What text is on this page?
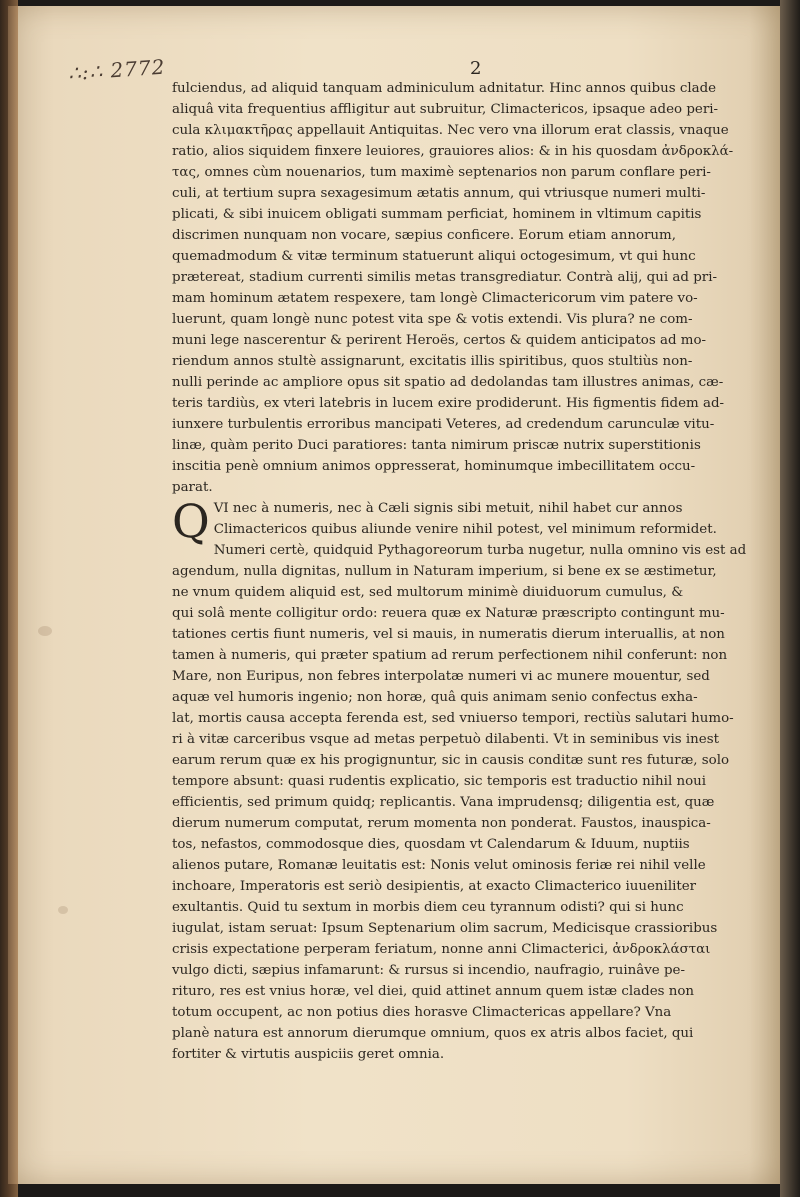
∴:∴ 2772	2
fulciendus, ad aliquid tanquam adminiculum adnitatur. Hinc annos quibus clade
aliquâ vita frequentius affligitur aut subruitur, Climactericos, ipsaque adeo peri-
cula κλιμακτῆρας appellauit Antiquitas. Nec vero vna illorum erat classis, vnaque
ratio, alios siquidem finxere leuiores, grauiores alios: & in his quosdam ἀνδροκλά-
τας, omnes cùm nouenarios, tum maximè septenarios non parum conflare peri-
culi, at tertium supra sexagesimum ætatis annum, qui vtriusque numeri multi-
plicati, & sibi inuicem obligati summam perficiat, hominem in vltimum capitis
discrimen nunquam non vocare, sæpius conficere. Eorum etiam annorum,
quemadmodum & vitæ terminum statuerunt aliqui octogesimum, vt qui hunc
prætereat, stadium currenti similis metas transgrediatur. Contrà alij, qui ad pri-
mam hominum ætatem respexere, tam longè Climactericorum vim patere vo-
luerunt, quam longè nunc potest vita spe & votis extendi. Vis plura? ne com-
muni lege nascerentur & perirent Heroës, certos & quidem anticipatos ad mo-
riendum annos stultè assignarunt, excitatis illis spiritibus, quos stultiùs non-
nulli perinde ac ampliore opus sit spatio ad dedolandas tam illustres animas, cæ-
teris tardiùs, ex vteri latebris in lucem exire prodiderunt. His figmentis fidem ad-
iunxere turbulentis erroribus mancipati Veteres, ad credendum carunculæ vitu-
linæ, quàm perito Duci paratiores: tanta nimirum priscæ nutrix superstitionis
inscitia penè omnium animos oppresserat, hominumque imbecillitatem occu-
parat.
Q VI nec à numeris, nec à Cæli signis sibi metuit, nihil habet cur annos
Climactericos quibus aliunde venire nihil potest, vel minimum reformidet.
Numeri certè, quidquid Pythagoreorum turba nugetur, nulla omnino vis est ad
agendum, nulla dignitas, nullum in Naturam imperium, si bene ex se æstimetur,
ne vnum quidem aliquid est, sed multorum minimè diuiduorum cumulus, &
qui solâ mente colligitur ordo: reuera quæ ex Naturæ præscripto contingunt mu-
tationes certis fiunt numeris, vel si mauis, in numeratis dierum interuallis, at non
tamen à numeris, qui præter spatium ad rerum perfectionem nihil conferunt: non
Mare, non Euripus, non febres interpolatæ numeri vi ac munere mouentur, sed
aquæ vel humoris ingenio; non horæ, quâ quis animam senio confectus exha-
lat, mortis causa accepta ferenda est, sed vniuerso tempori, rectiùs salutari humo-
ri à vitæ carceribus vsque ad metas perpetuò dilabenti. Vt in seminibus vis inest
earum rerum quæ ex his progignuntur, sic in causis conditæ sunt res futuræ, solo
tempore absunt: quasi rudentis explicatio, sic temporis est traductio nihil noui
efficientis, sed primum quidq; replicantis. Vana imprudensq; diligentia est, quæ
dierum numerum computat, rerum momenta non ponderat. Faustos, inauspica-
tos, nefastos, commodosque dies, quosdam vt Calendarum & Iduum, nuptiis
alienos putare, Romanæ leuitatis est: Nonis velut ominosis feriæ rei nihil velle
inchoare, Imperatoris est seriò desipientis, at exacto Climacterico iuueniliter
exultantis. Quid tu sextum in morbis diem ceu tyrannum odisti? qui si hunc
iugulat, istam seruat: Ipsum Septenarium olim sacrum, Medicisque crassioribus
crisis expectatione perperam feriatum, nonne anni Climacterici, ἀνδροκλάσται
vulgo dicti, sæpius infamarunt: & rursus si incendio, naufragio, ruinâve pe-
riturо, res est vnius horæ, vel diei, quid attinet annum quem istæ clades non
totum occupent, ac non potius dies horasve Climactericas appellare? Vna
planè natura est annorum dierumque omnium, quos ex atris albos faciet, qui
fortiter & virtutis auspiciis geret omnia.
